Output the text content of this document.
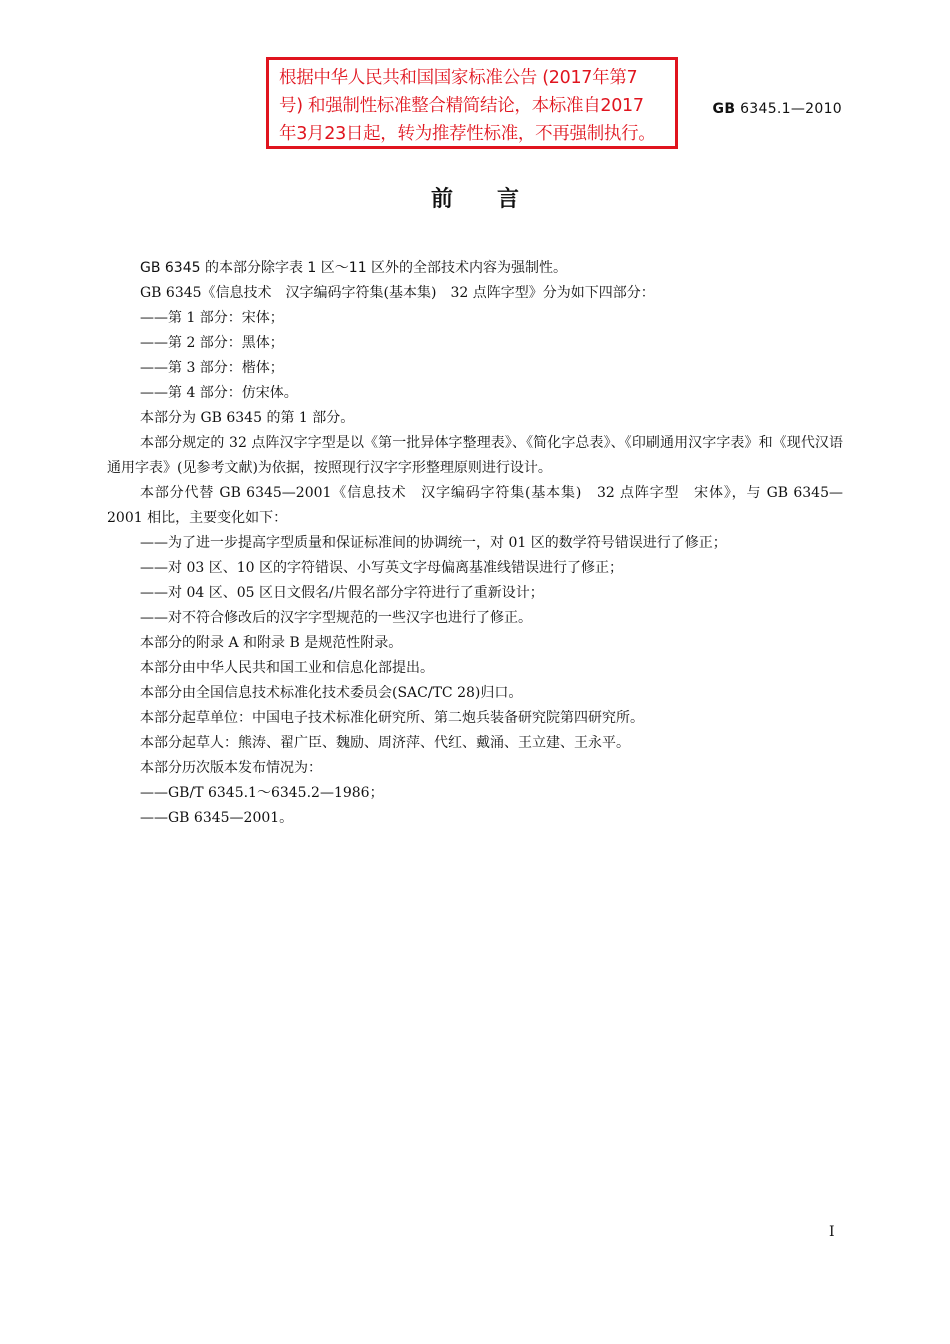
根据中华人民共和国国家标准公告 (2017年第7
号) 和强制性标准整合精简结论，本标准自2017
年3月23日起，转为推荐性标准，不再强制执行。
GB 6345.1—2010
前言

GB 6345 的本部分除字表 1 区～11 区外的全部技术内容为强制性。

GB 6345《信息技术　汉字编码字符集(基本集)　32 点阵字型》分为如下四部分：

——第 1 部分：宋体；

——第 2 部分：黑体；

——第 3 部分：楷体；

——第 4 部分：仿宋体。

本部分为 GB 6345 的第 1 部分。

本部分规定的 32 点阵汉字字型是以《第一批异体字整理表》、《简化字总表》、《印刷通用汉字字表》和《现代汉语通用字表》(见参考文献)为依据，按照现行汉字字形整理原则进行设计。

本部分代替 GB 6345—2001《信息技术　汉字编码字符集(基本集)　32 点阵字型　宋体》，与 GB 6345—2001 相比，主要变化如下：

——为了进一步提高字型质量和保证标准间的协调统一，对 01 区的数学符号错误进行了修正；

——对 03 区、10 区的字符错误、小写英文字母偏离基准线错误进行了修正；

——对 04 区、05 区日文假名/片假名部分字符进行了重新设计；

——对不符合修改后的汉字字型规范的一些汉字也进行了修正。

本部分的附录 A 和附录 B 是规范性附录。

本部分由中华人民共和国工业和信息化部提出。

本部分由全国信息技术标准化技术委员会(SAC/TC 28)归口。

本部分起草单位：中国电子技术标准化研究所、第二炮兵装备研究院第四研究所。

本部分起草人：熊涛、翟广臣、魏励、周济萍、代红、戴涌、王立建、王永平。

本部分历次版本发布情况为：

——GB/T 6345.1～6345.2—1986；

——GB 6345—2001。

I
